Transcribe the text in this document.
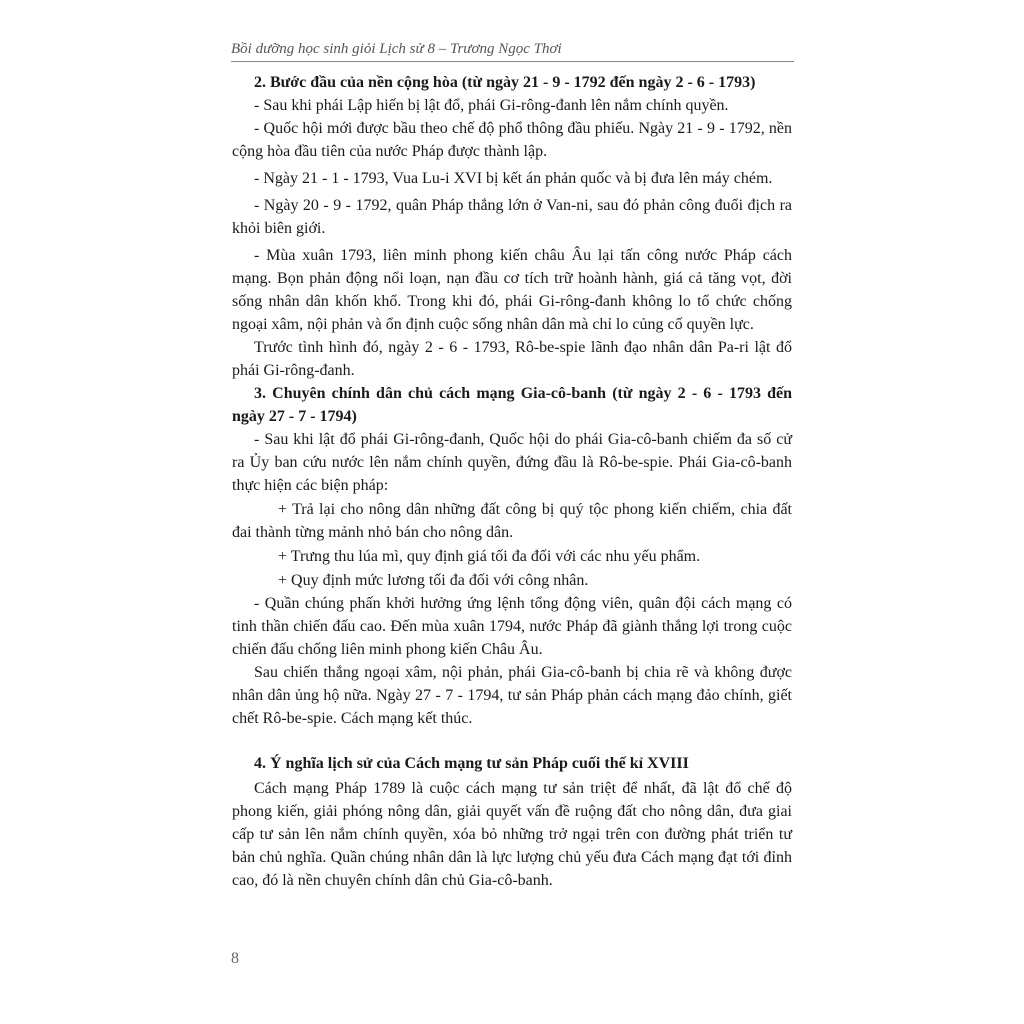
Bồi dưỡng học sinh giỏi Lịch sử 8 – Trương Ngọc Thơi

2. Bước đầu của nền cộng hòa (từ ngày 21 - 9 - 1792 đến ngày 2 - 6 - 1793)

- Sau khi phái Lập hiến bị lật đổ, phái Gi-rông-đanh lên nắm chính quyền.

- Quốc hội mới được bầu theo chế độ phổ thông đầu phiếu. Ngày 21 - 9 - 1792, nền cộng hòa đầu tiên của nước Pháp được thành lập.

- Ngày 21 - 1 - 1793, Vua Lu-i XVI bị kết án phản quốc và bị đưa lên máy chém.

- Ngày 20 - 9 - 1792, quân Pháp thắng lớn ở Van-ni, sau đó phản công đuổi địch ra khỏi biên giới.

- Mùa xuân 1793, liên minh phong kiến châu Âu lại tấn công nước Pháp cách mạng. Bọn phản động nổi loạn, nạn đầu cơ tích trữ hoành hành, giá cả tăng vọt, đời sống nhân dân khốn khổ. Trong khi đó, phái Gi-rông-đanh không lo tổ chức chống ngoại xâm, nội phản và ổn định cuộc sống nhân dân mà chỉ lo củng cố quyền lực.

Trước tình hình đó, ngày 2 - 6 - 1793, Rô-be-spie lãnh đạo nhân dân Pa-ri lật đổ phái Gi-rông-đanh.

3. Chuyên chính dân chủ cách mạng Gia-cô-banh (từ ngày 2 - 6 - 1793 đến ngày 27 - 7 - 1794)

- Sau khi lật đổ phái Gi-rông-đanh, Quốc hội do phái Gia-cô-banh chiếm đa số cử ra Ủy ban cứu nước lên nắm chính quyền, đứng đầu là Rô-be-spie. Phái Gia-cô-banh thực hiện các biện pháp:

+ Trả lại cho nông dân những đất công bị quý tộc phong kiến chiếm, chia đất đai thành từng mảnh nhỏ bán cho nông dân.

+ Trưng thu lúa mì, quy định giá tối đa đối với các nhu yếu phẩm.

+ Quy định mức lương tối đa đối với công nhân.

- Quần chúng phấn khởi hưởng ứng lệnh tổng động viên, quân đội cách mạng có tinh thần chiến đấu cao. Đến mùa xuân 1794, nước Pháp đã giành thắng lợi trong cuộc chiến đấu chống liên minh phong kiến Châu Âu.

Sau chiến thắng ngoại xâm, nội phản, phái Gia-cô-banh bị chia rẽ và không được nhân dân ủng hộ nữa. Ngày 27 - 7 - 1794, tư sản Pháp phản cách mạng đảo chính, giết chết Rô-be-spie. Cách mạng kết thúc.

4. Ý nghĩa lịch sử của Cách mạng tư sản Pháp cuối thế kỉ XVIII

Cách mạng Pháp 1789 là cuộc cách mạng tư sản triệt để nhất, đã lật đổ chế độ phong kiến, giải phóng nông dân, giải quyết vấn đề ruộng đất cho nông dân, đưa giai cấp tư sản lên nắm chính quyền, xóa bỏ những trở ngại trên con đường phát triển tư bản chủ nghĩa. Quần chúng nhân dân là lực lượng chủ yếu đưa Cách mạng đạt tới đỉnh cao, đó là nền chuyên chính dân chủ Gia-cô-banh.

8
